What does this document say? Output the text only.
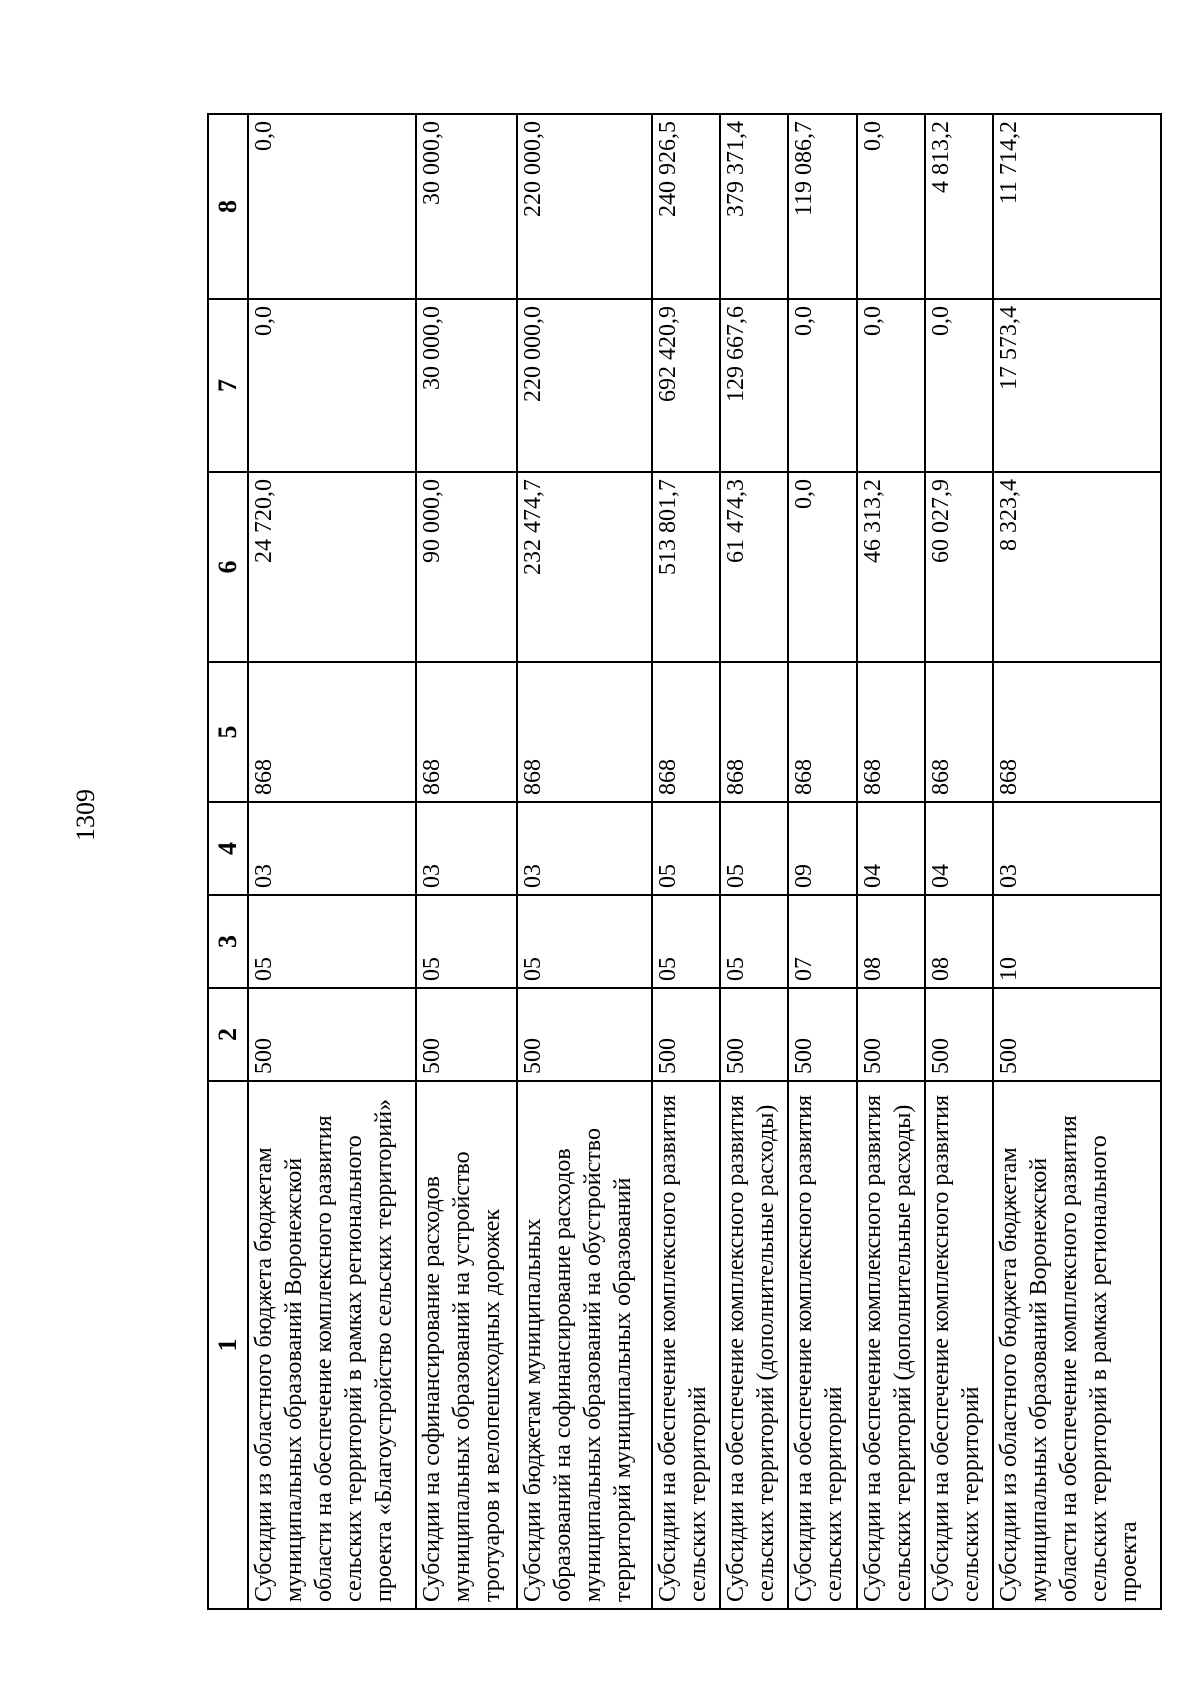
1309
1	2	3	4	5	6	7	8
Субсидии из областного бюджета бюджетам муниципальных образований Воронежской области на обеспечение комплексного развития сельских территорий в рамках регионального проекта «Благоустройство сельских территорий»	500	05	03	868	24 720,0	0,0	0,0
Субсидии на софинансирование расходов муниципальных образований на устройство тротуаров и велопешеходных дорожек	500	05	03	868	90 000,0	30 000,0	30 000,0
Субсидии бюджетам муниципальных образований на софинансирование расходов муниципальных образований на обустройство территорий муниципальных образований	500	05	03	868	232 474,7	220 000,0	220 000,0
Субсидии на обеспечение комплексного развития сельских территорий	500	05	05	868	513 801,7	692 420,9	240 926,5
Субсидии на обеспечение комплексного развития сельских территорий (дополнительные расходы)	500	05	05	868	61 474,3	129 667,6	379 371,4
Субсидии на обеспечение комплексного развития сельских территорий	500	07	09	868	0,0	0,0	119 086,7
Субсидии на обеспечение комплексного развития сельских территорий (дополнительные расходы)	500	08	04	868	46 313,2	0,0	0,0
Субсидии на обеспечение комплексного развития сельских территорий	500	08	04	868	60 027,9	0,0	4 813,2
Субсидии из областного бюджета бюджетам муниципальных образований Воронежской области на обеспечение комплексного развития сельских территорий в рамках регионального проекта	500	10	03	868	8 323,4	17 573,4	11 714,2
